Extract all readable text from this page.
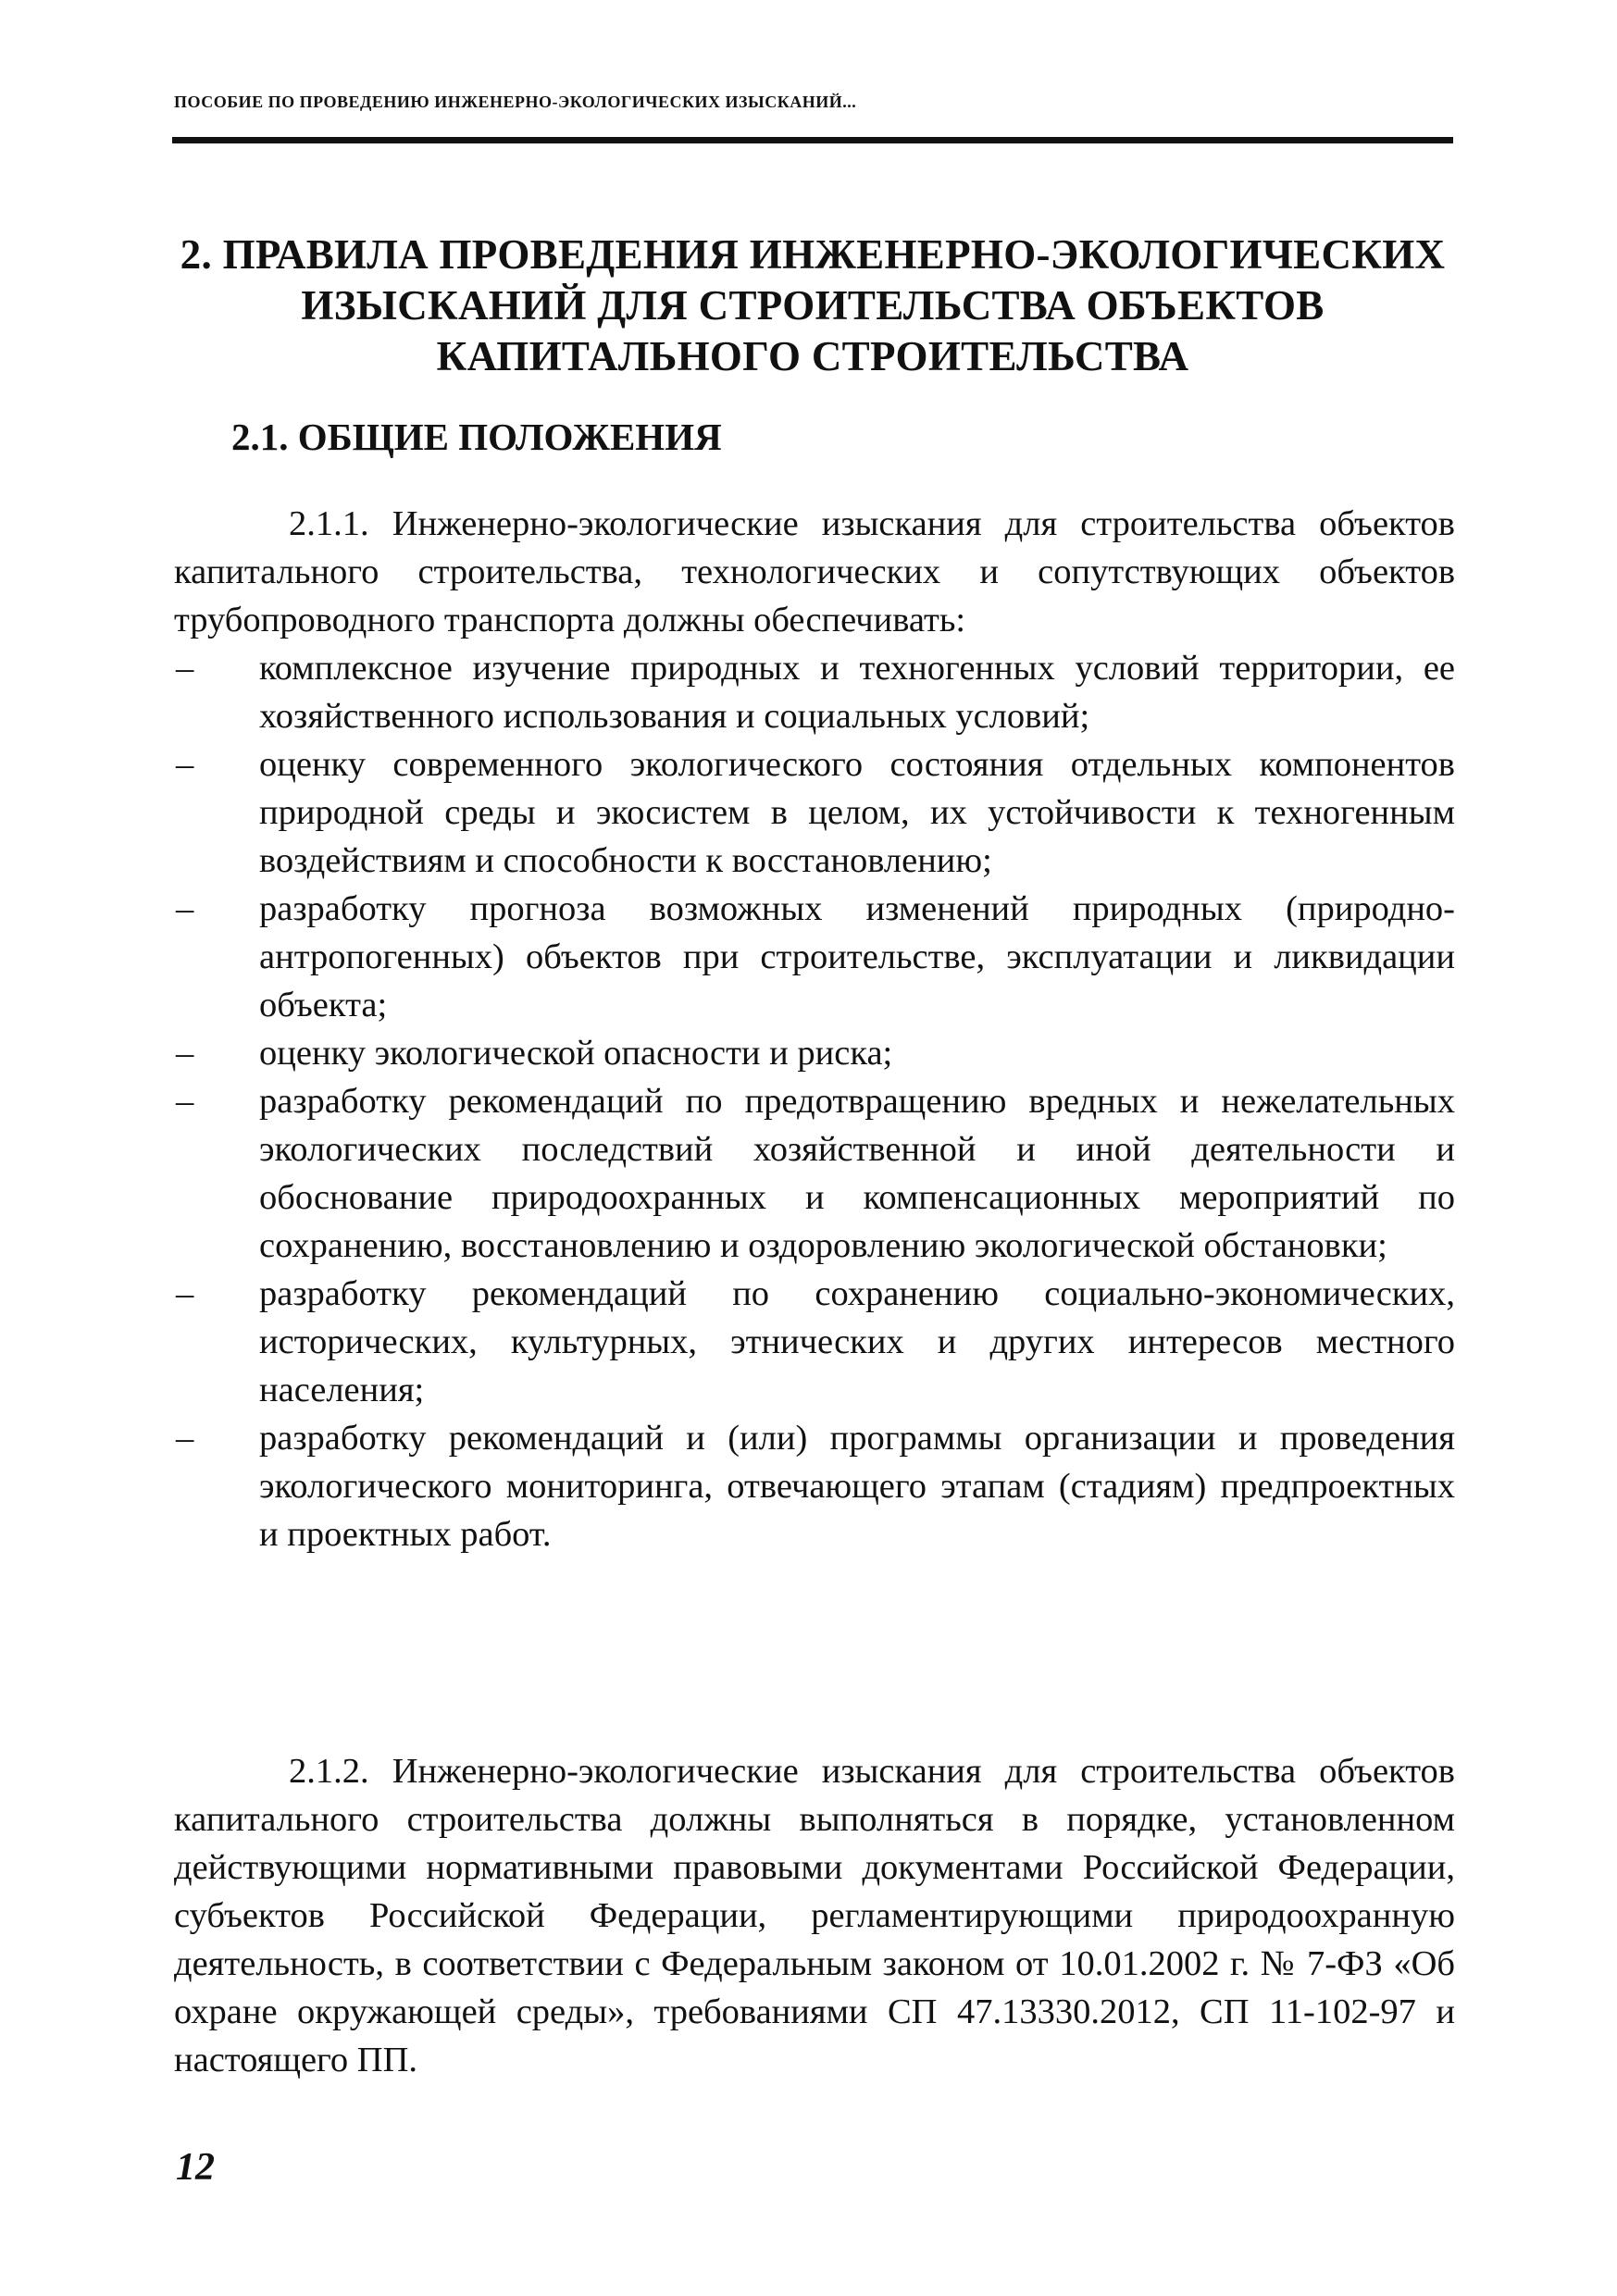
ПОСОБИЕ ПО ПРОВЕДЕНИЮ ИНЖЕНЕРНО-ЭКОЛОГИЧЕСКИХ ИЗЫСКАНИЙ...
2. ПРАВИЛА ПРОВЕДЕНИЯ ИНЖЕНЕРНО-ЭКОЛОГИЧЕСКИХ
ИЗЫСКАНИЙ ДЛЯ СТРОИТЕЛЬСТВА ОБЪЕКТОВ
КАПИТАЛЬНОГО СТРОИТЕЛЬСТВА
2.1. ОБЩИЕ ПОЛОЖЕНИЯ

2.1.1. Инженерно-экологические изыскания для строительства объектов капитального строительства, технологических и сопутствующих объектов трубопроводного транспорта должны обеспечивать:

–	комплексное изучение природных и техногенных условий территории, ее хозяйственного использования и социальных условий;
–	оценку современного экологического состояния отдельных компонентов природной среды и экосистем в целом, их устойчивости к техногенным воздействиям и способности к восстановлению;
–	разработку прогноза возможных изменений природных (природно-антропогенных) объектов при строительстве, эксплуатации и ликвидации объекта;
–	оценку экологической опасности и риска;
–	разработку рекомендаций по предотвращению вредных и нежелательных экологических последствий хозяйственной и иной деятельности и обоснование природоохранных и компенсационных мероприятий по сохранению, восстановлению и оздоровлению экологической обстановки;
–	разработку рекомендаций по сохранению социально-экономических, исторических, культурных, этнических и других интересов местного населения;
–	разработку рекомендаций и (или) программы организации и проведения экологического мониторинга, отвечающего этапам (стадиям) предпроектных и проектных работ.

2.1.2. Инженерно-экологические изыскания для строительства объектов капитального строительства должны выполняться в порядке, установленном действующими нормативными правовыми документами Российской Федерации, субъектов Российской Федерации, регламентирующими природоохранную деятельность, в соответствии с Федеральным законом от 10.01.2002 г. № 7-ФЗ «Об охране окружающей среды», требованиями СП 47.13330.2012, СП 11-102-97 и настоящего ПП.

12
